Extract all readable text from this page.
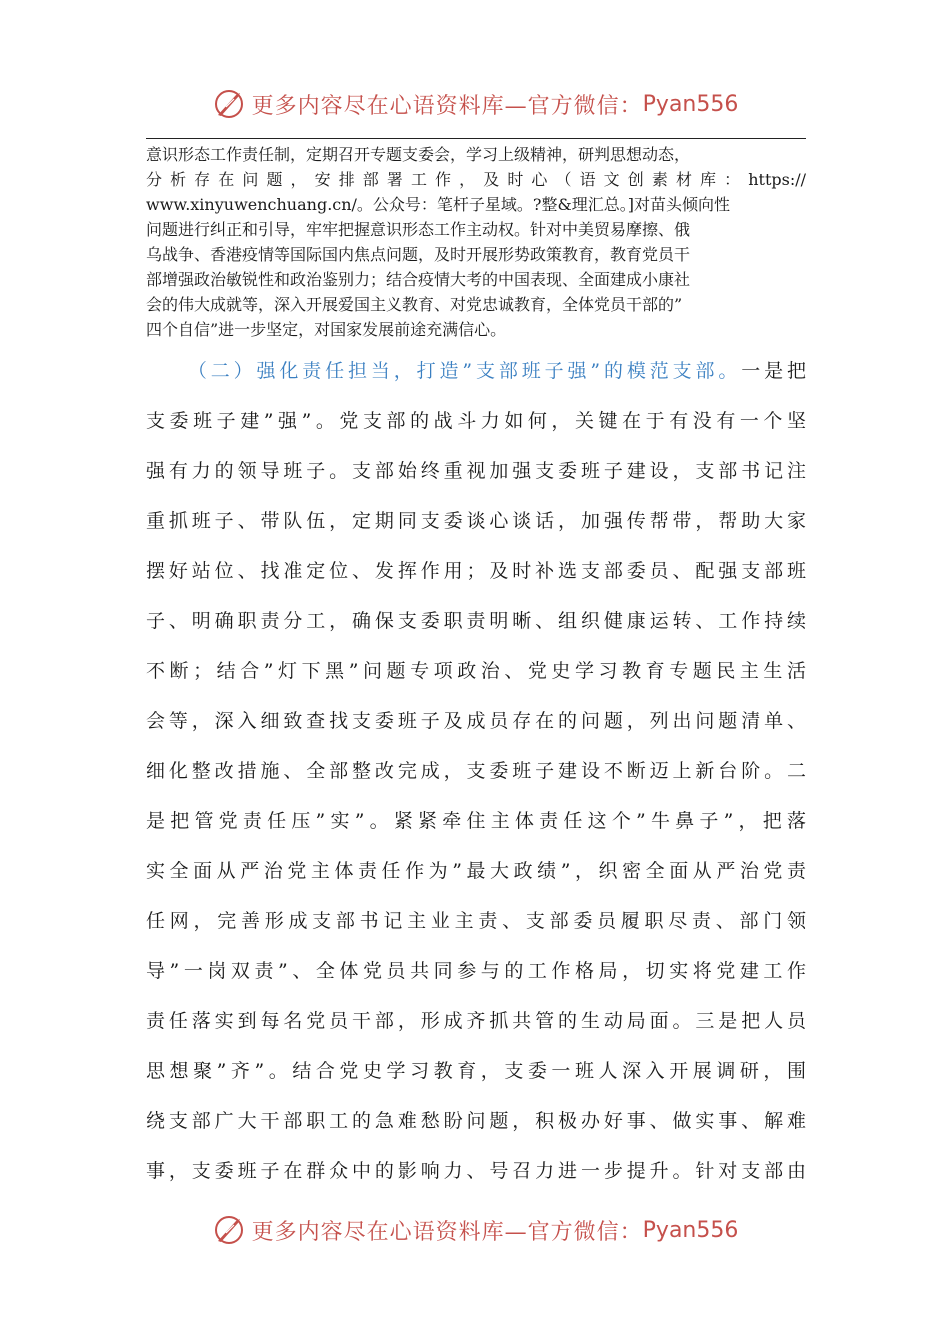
更多内容尽在心语资料库—官方微信： Pyan556
意识形态工作责任制，定期召开专题支委会，学习上级精神，研判思想动态，
分析存在问题，安排部署工作，及时心（语文创素材库：https://
www.xinyuwenchuang.cn/。公众号：笔杆子星域。?整&理汇总。]对苗头倾向性
问题进行纠正和引导，牢牢把握意识形态工作主动权。针对中美贸易摩擦、俄
乌战争、香港疫情等国际国内焦点问题，及时开展形势政策教育，教育党员干
部增强政治敏锐性和政治鉴别力；结合疫情大考的中国表现、全面建成小康社
会的伟大成就等，深入开展爱国主义教育、对党忠诚教育，全体党员干部的”
四个自信”进一步坚定，对国家发展前途充满信心。
（二）强化责任担当，打造”支部班子强”的模范支部。一是把
支委班子建”强”。党支部的战斗力如何，关键在于有没有一个坚
强有力的领导班子。支部始终重视加强支委班子建设，支部书记注
重抓班子、带队伍，定期同支委谈心谈话，加强传帮带，帮助大家
摆好站位、找准定位、发挥作用；及时补选支部委员、配强支部班
子、明确职责分工，确保支委职责明晰、组织健康运转、工作持续
不断；结合”灯下黑”问题专项政治、党史学习教育专题民主生活
会等，深入细致查找支委班子及成员存在的问题，列出问题清单、
细化整改措施、全部整改完成，支委班子建设不断迈上新台阶。二
是把管党责任压”实”。紧紧牵住主体责任这个”牛鼻子”，把落
实全面从严治党主体责任作为”最大政绩”，织密全面从严治党责
任网，完善形成支部书记主业主责、支部委员履职尽责、部门领
导”一岗双责”、全体党员共同参与的工作格局，切实将党建工作
责任落实到每名党员干部，形成齐抓共管的生动局面。三是把人员
思想聚”齐”。结合党史学习教育，支委一班人深入开展调研，围
绕支部广大干部职工的急难愁盼问题，积极办好事、做实事、解难
事，支委班子在群众中的影响力、号召力进一步提升。针对支部由
更多内容尽在心语资料库—官方微信： Pyan556
